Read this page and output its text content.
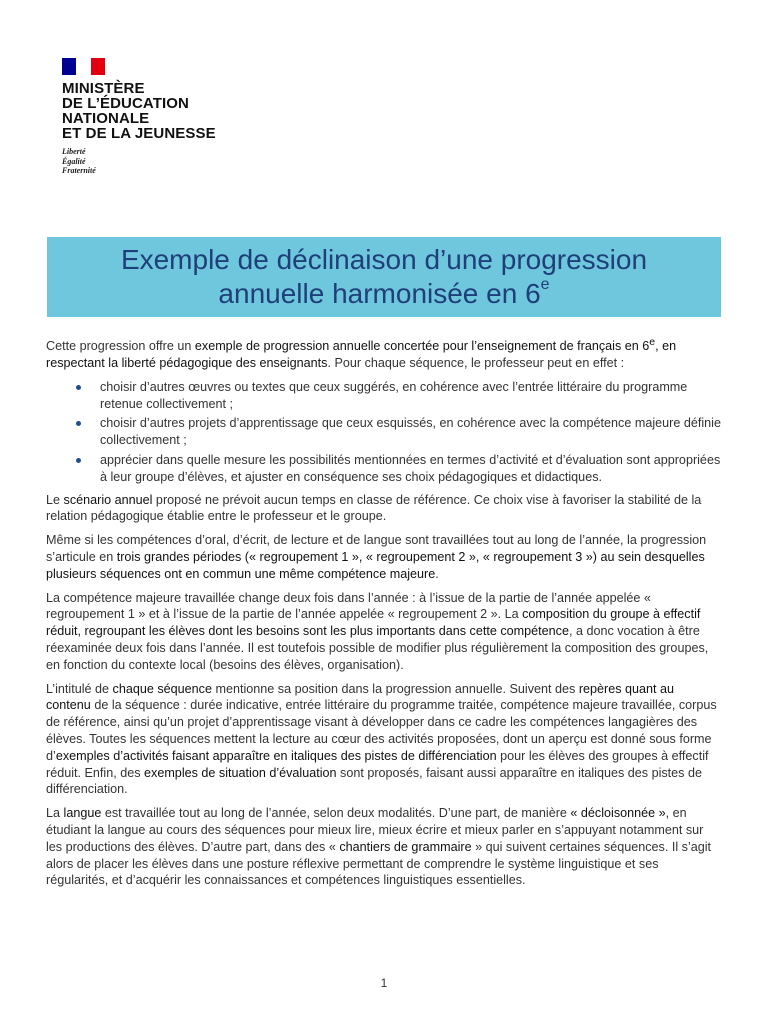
MINISTÈRE
DE L’ÉDUCATION
NATIONALE
ET DE LA JEUNESSE
Liberté
Égalité
Fraternité
Exemple de déclinaison d’une progression
annuelle harmonisée en 6e

Cette progression offre un exemple de progression annuelle concertée pour l’enseignement de français en 6e, en respectant la liberté pédagogique des enseignants. Pour chaque séquence, le professeur peut en effet :

choisir d’autres œuvres ou textes que ceux suggérés, en cohérence avec l’entrée littéraire du programme retenue collectivement ;
choisir d’autres projets d’apprentissage que ceux esquissés, en cohérence avec la compétence majeure définie collectivement ;
apprécier dans quelle mesure les possibilités mentionnées en termes d’activité et d’évaluation sont appropriées à leur groupe d’élèves, et ajuster en conséquence ses choix pédagogiques et didactiques.

Le scénario annuel proposé ne prévoit aucun temps en classe de référence. Ce choix vise à favoriser la stabilité de la relation pédagogique établie entre le professeur et le groupe.

Même si les compétences d’oral, d’écrit, de lecture et de langue sont travaillées tout au long de l’année, la progression s’articule en trois grandes périodes (« regroupement 1 », « regroupement 2 », « regroupement 3 ») au sein desquelles plusieurs séquences ont en commun une même compétence majeure.

La compétence majeure travaillée change deux fois dans l’année : à l’issue de la partie de l’année appelée « regroupement 1 » et à l’issue de la partie de l’année appelée « regroupement 2 ». La composition du groupe à effectif réduit, regroupant les élèves dont les besoins sont les plus importants dans cette compétence, a donc vocation à être réexaminée deux fois dans l’année. Il est toutefois possible de modifier plus régulièrement la composition des groupes, en fonction du contexte local (besoins des élèves, organisation).

L’intitulé de chaque séquence mentionne sa position dans la progression annuelle. Suivent des repères quant au contenu de la séquence : durée indicative, entrée littéraire du programme traitée, compétence majeure travaillée, corpus de référence, ainsi qu’un projet d’apprentissage visant à développer dans ce cadre les compétences langagières des élèves. Toutes les séquences mettent la lecture au cœur des activités proposées, dont un aperçu est donné sous forme d’exemples d’activités faisant apparaître en italiques des pistes de différenciation pour les élèves des groupes à effectif réduit. Enfin, des exemples de situation d’évaluation sont proposés, faisant aussi apparaître en italiques des pistes de différenciation.

La langue est travaillée tout au long de l’année, selon deux modalités. D’une part, de manière « décloisonnée », en étudiant la langue au cours des séquences pour mieux lire, mieux écrire et mieux parler en s’appuyant notamment sur les productions des élèves. D’autre part, dans des « chantiers de grammaire » qui suivent certaines séquences. Il s’agit alors de placer les élèves dans une posture réflexive permettant de comprendre le système linguistique et ses régularités, et d’acquérir les connaissances et compétences linguistiques essentielles.

1
